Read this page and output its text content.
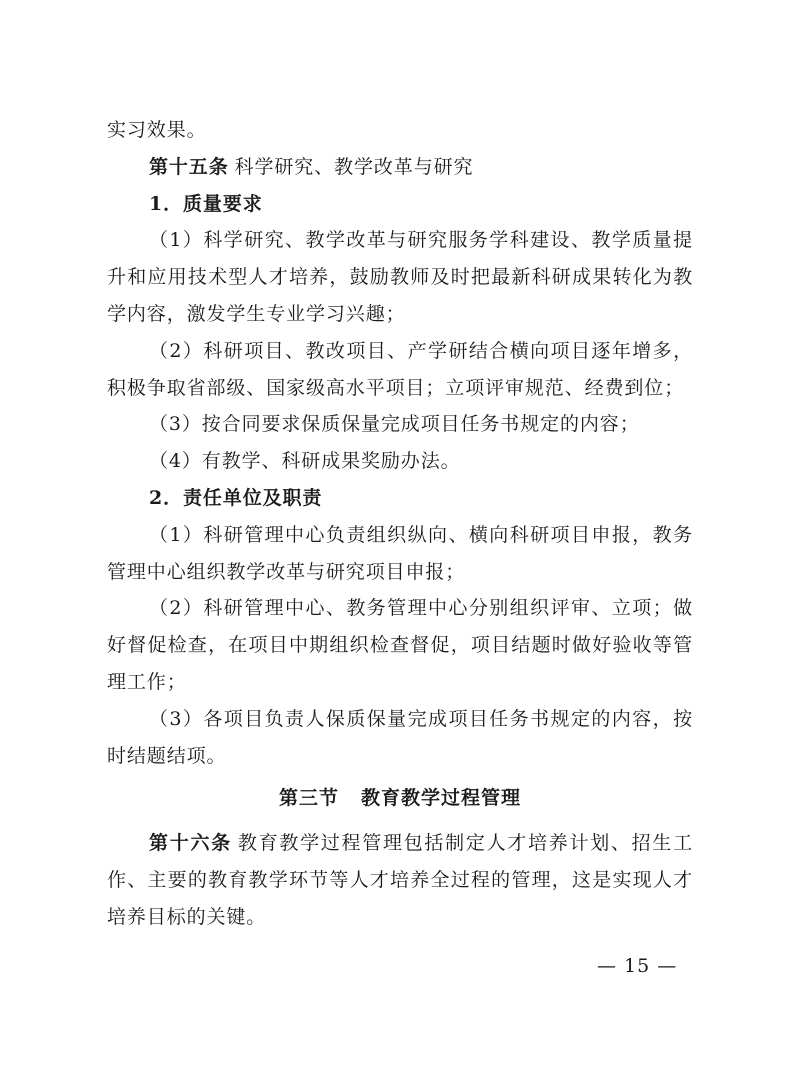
实习效果。

第十五条 科学研究、教学改革与研究

1．质量要求

（1）科学研究、教学改革与研究服务学科建设、教学质量提升和应用技术型人才培养，鼓励教师及时把最新科研成果转化为教学内容，激发学生专业学习兴趣；

（2）科研项目、教改项目、产学研结合横向项目逐年增多，积极争取省部级、国家级高水平项目；立项评审规范、经费到位；

（3）按合同要求保质保量完成项目任务书规定的内容；

（4）有教学、科研成果奖励办法。

2．责任单位及职责

（1）科研管理中心负责组织纵向、横向科研项目申报，教务管理中心组织教学改革与研究项目申报；

（2）科研管理中心、教务管理中心分别组织评审、立项；做好督促检查，在项目中期组织检查督促，项目结题时做好验收等管理工作；

（3）各项目负责人保质保量完成项目任务书规定的内容，按时结题结项。

第三节 教育教学过程管理

第十六条 教育教学过程管理包括制定人才培养计划、招生工作、主要的教育教学环节等人才培养全过程的管理，这是实现人才培养目标的关键。

— 15 —
